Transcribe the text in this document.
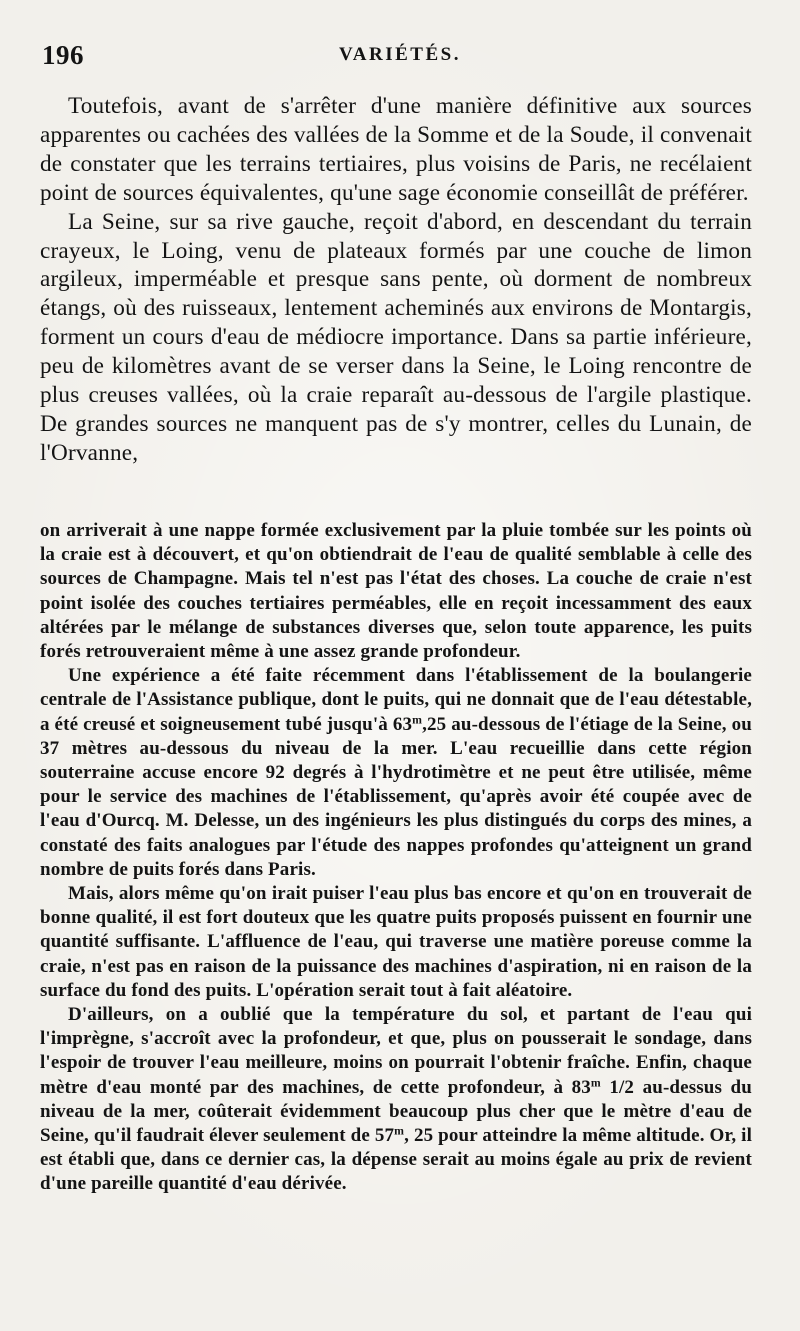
196	VARIÉTÉS.

Toutefois, avant de s'arrêter d'une manière définitive aux sources apparentes ou cachées des vallées de la Somme et de la Soude, il convenait de constater que les terrains tertiaires, plus voisins de Paris, ne recélaient point de sources équivalentes, qu'une sage économie conseillât de préférer.

La Seine, sur sa rive gauche, reçoit d'abord, en descendant du terrain crayeux, le Loing, venu de plateaux formés par une couche de limon argileux, imperméable et presque sans pente, où dorment de nombreux étangs, où des ruisseaux, lentement acheminés aux environs de Montargis, forment un cours d'eau de médiocre importance. Dans sa partie inférieure, peu de kilomètres avant de se verser dans la Seine, le Loing rencontre de plus creuses vallées, où la craie reparaît au-dessous de l'argile plastique. De grandes sources ne manquent pas de s'y montrer, celles du Lunain, de l'Orvanne,

on arriverait à une nappe formée exclusivement par la pluie tombée sur les points où la craie est à découvert, et qu'on obtiendrait de l'eau de qualité semblable à celle des sources de Champagne. Mais tel n'est pas l'état des choses. La couche de craie n'est point isolée des couches tertiaires perméables, elle en reçoit incessamment des eaux altérées par le mélange de substances diverses que, selon toute apparence, les puits forés retrouveraient même à une assez grande profondeur.

Une expérience a été faite récemment dans l'établissement de la boulangerie centrale de l'Assistance publique, dont le puits, qui ne donnait que de l'eau détestable, a été creusé et soigneusement tubé jusqu'à 63$^m$,25 au-dessous de l'étiage de la Seine, ou 37 mètres au-dessous du niveau de la mer. L'eau recueillie dans cette région souterraine accuse encore 92 degrés à l'hydrotimètre et ne peut être utilisée, même pour le service des machines de l'établissement, qu'après avoir été coupée avec de l'eau d'Ourcq. M. Delesse, un des ingénieurs les plus distingués du corps des mines, a constaté des faits analogues par l'étude des nappes profondes qu'atteignent un grand nombre de puits forés dans Paris.

Mais, alors même qu'on irait puiser l'eau plus bas encore et qu'on en trouverait de bonne qualité, il est fort douteux que les quatre puits proposés puissent en fournir une quantité suffisante. L'affluence de l'eau, qui traverse une matière poreuse comme la craie, n'est pas en raison de la puissance des machines d'aspiration, ni en raison de la surface du fond des puits. L'opération serait tout à fait aléatoire.

D'ailleurs, on a oublié que la température du sol, et partant de l'eau qui l'imprègne, s'accroît avec la profondeur, et que, plus on pousserait le sondage, dans l'espoir de trouver l'eau meilleure, moins on pourrait l'obtenir fraîche. Enfin, chaque mètre d'eau monté par des machines, de cette profondeur, à 83$^m$ 1/2 au-dessus du niveau de la mer, coûterait évidemment beaucoup plus cher que le mètre d'eau de Seine, qu'il faudrait élever seulement de 57$^m$, 25 pour atteindre la même altitude. Or, il est établi que, dans ce dernier cas, la dépense serait au moins égale au prix de revient d'une pareille quantité d'eau dérivée.
